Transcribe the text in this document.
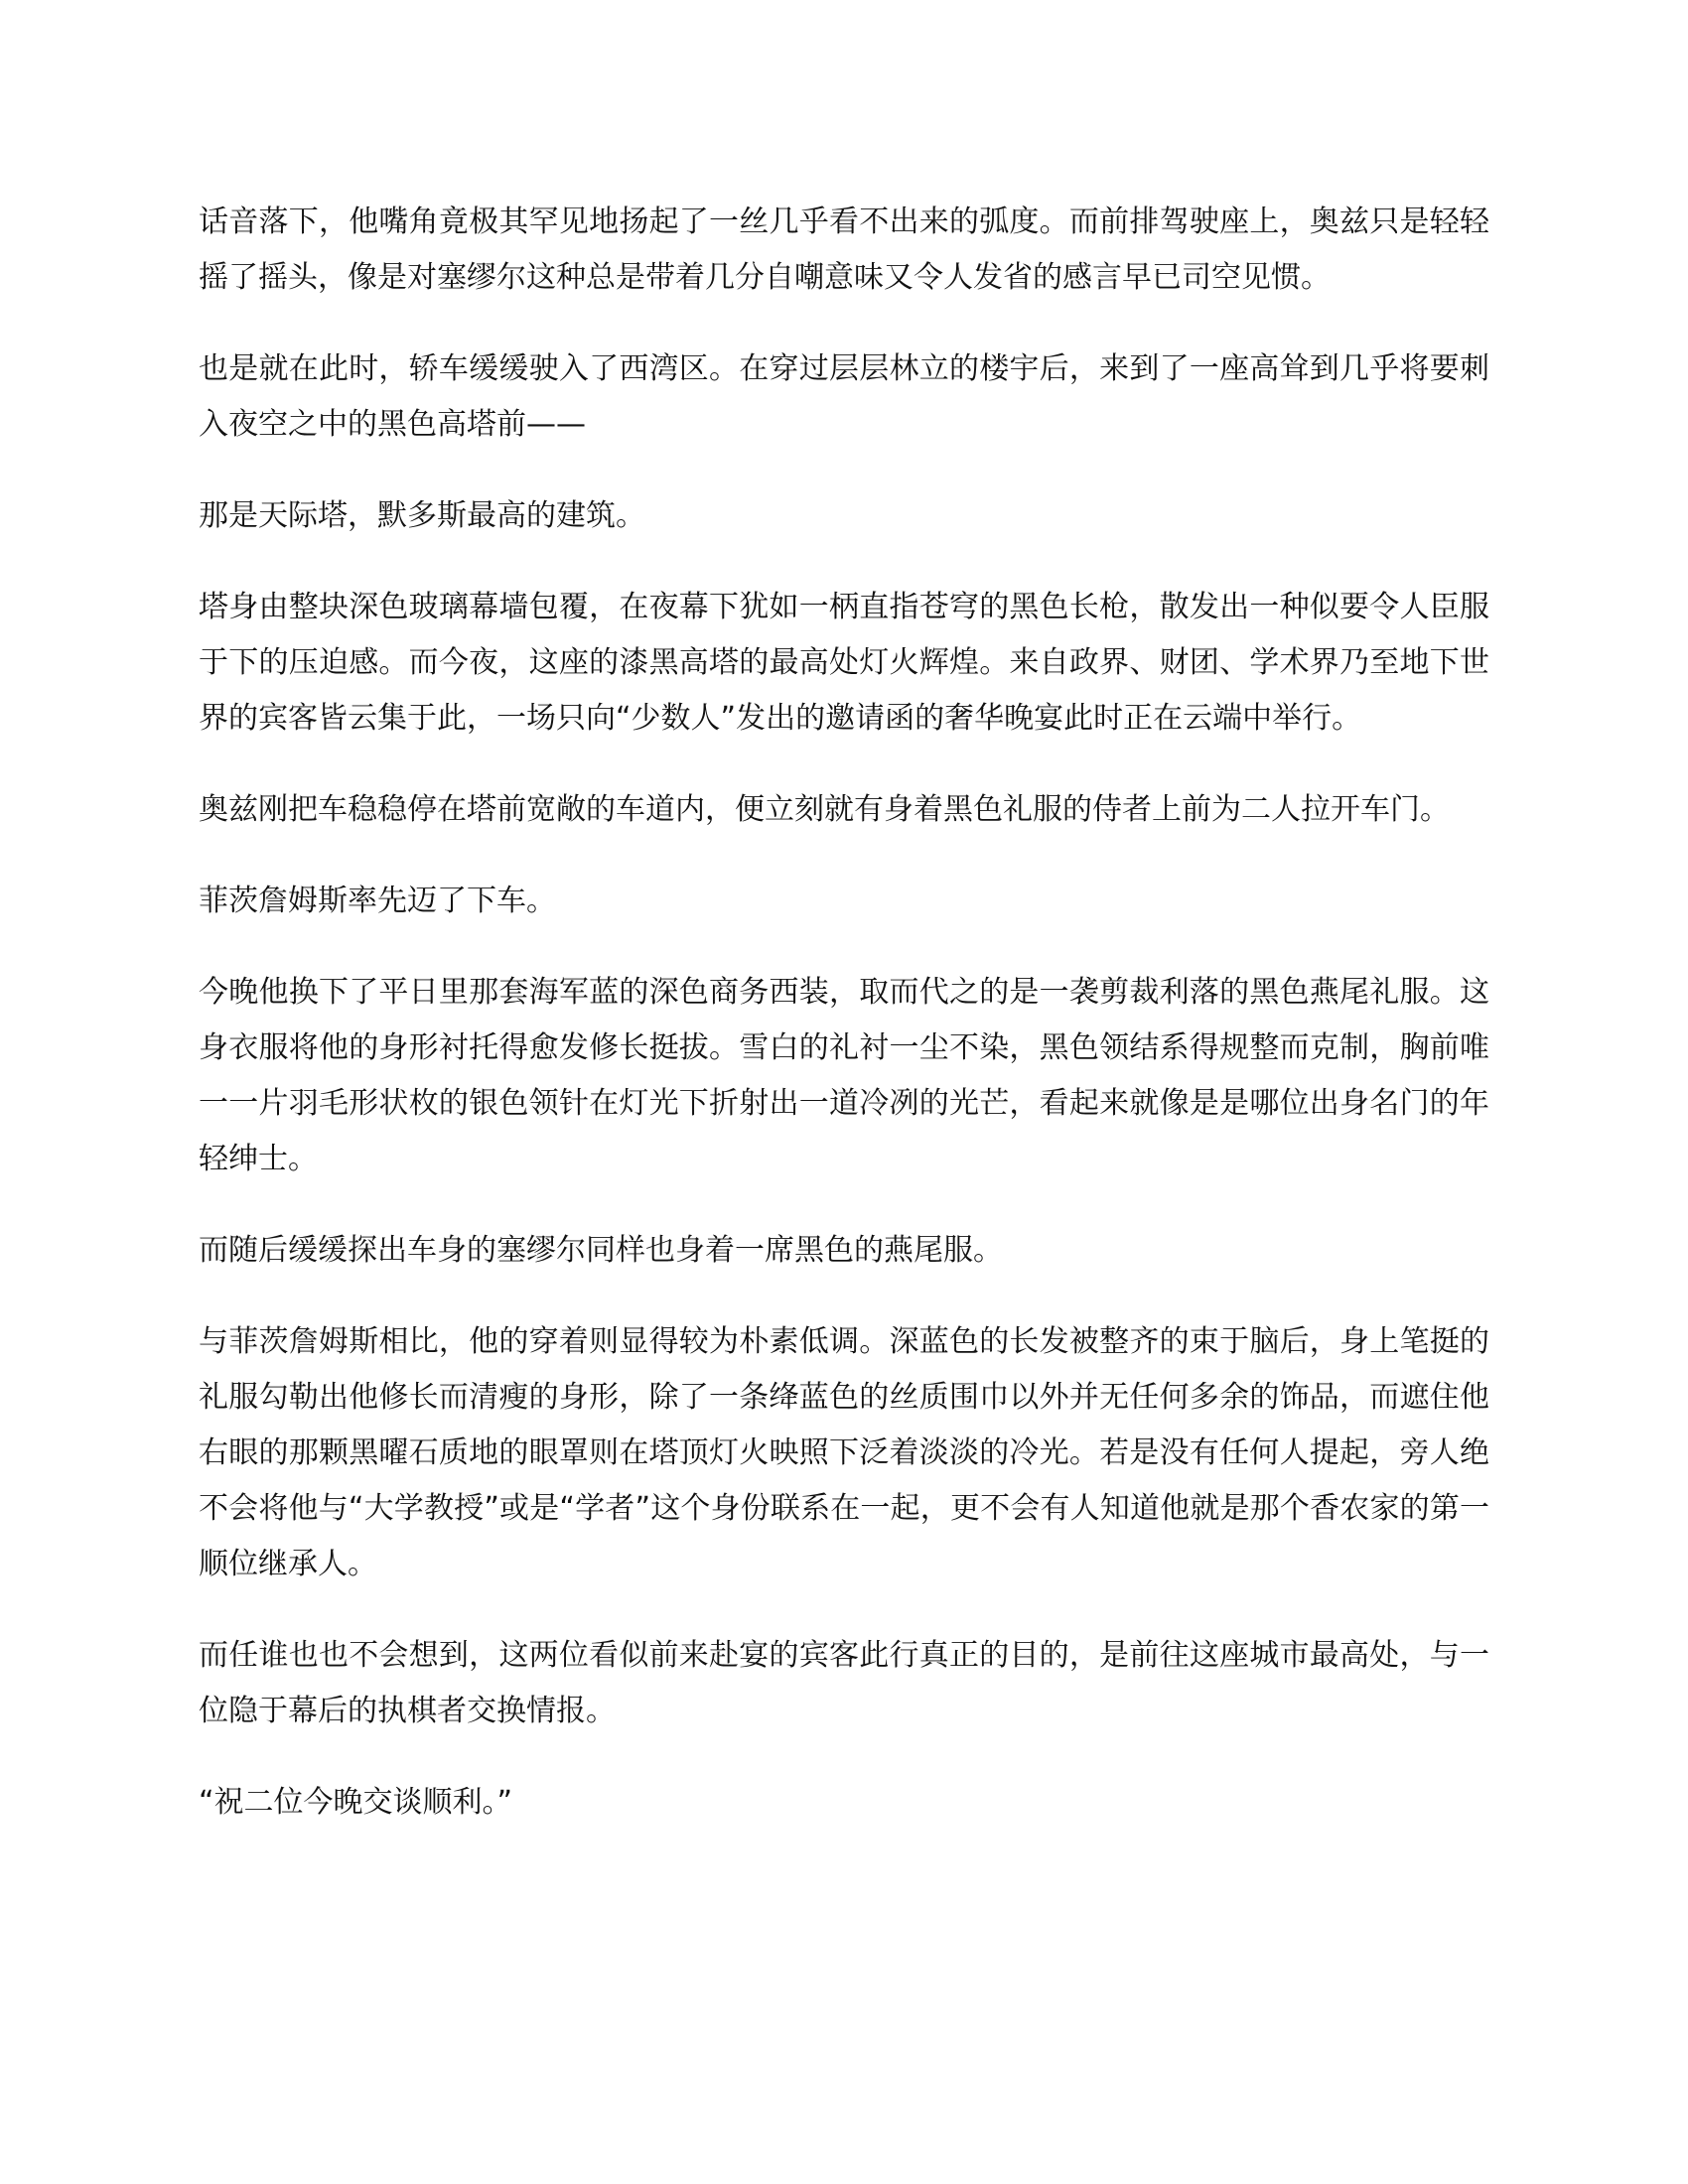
话音落下，他嘴角竟极其罕见地扬起了一丝几乎看不出来的弧度。而前排驾驶座上，奥兹只是轻轻摇了摇头，像是对塞缪尔这种总是带着几分自嘲意味又令人发省的感言早已司空见惯。

也是就在此时，轿车缓缓驶入了西湾区。在穿过层层林立的楼宇后，来到了一座高耸到几乎将要刺入夜空之中的黑色高塔前——

那是天际塔，默多斯最高的建筑。

塔身由整块深色玻璃幕墙包覆，在夜幕下犹如一柄直指苍穹的黑色长枪，散发出一种似要令人臣服于下的压迫感。而今夜，这座的漆黑高塔的最高处灯火辉煌。来自政界、财团、学术界乃至地下世界的宾客皆云集于此，一场只向“少数人”发出的邀请函的奢华晚宴此时正在云端中举行。

奥兹刚把车稳稳停在塔前宽敞的车道内，便立刻就有身着黑色礼服的侍者上前为二人拉开车门。

菲茨詹姆斯率先迈了下车。

今晚他换下了平日里那套海军蓝的深色商务西装，取而代之的是一袭剪裁利落的黑色燕尾礼服。这身衣服将他的身形衬托得愈发修长挺拔。雪白的礼衬一尘不染，黑色领结系得规整而克制，胸前唯一一片羽毛形状枚的银色领针在灯光下折射出一道冷冽的光芒，看起来就像是是哪位出身名门的年轻绅士。

而随后缓缓探出车身的塞缪尔同样也身着一席黑色的燕尾服。

与菲茨詹姆斯相比，他的穿着则显得较为朴素低调。深蓝色的长发被整齐的束于脑后，身上笔挺的礼服勾勒出他修长而清瘦的身形，除了一条绛蓝色的丝质围巾以外并无任何多余的饰品，而遮住他右眼的那颗黑曜石质地的眼罩则在塔顶灯火映照下泛着淡淡的冷光。若是没有任何人提起，旁人绝不会将他与“大学教授”或是“学者”这个身份联系在一起，更不会有人知道他就是那个香农家的第一顺位继承人。

而任谁也也不会想到，这两位看似前来赴宴的宾客此行真正的目的，是前往这座城市最高处，与一位隐于幕后的执棋者交换情报。

“祝二位今晚交谈顺利。”
